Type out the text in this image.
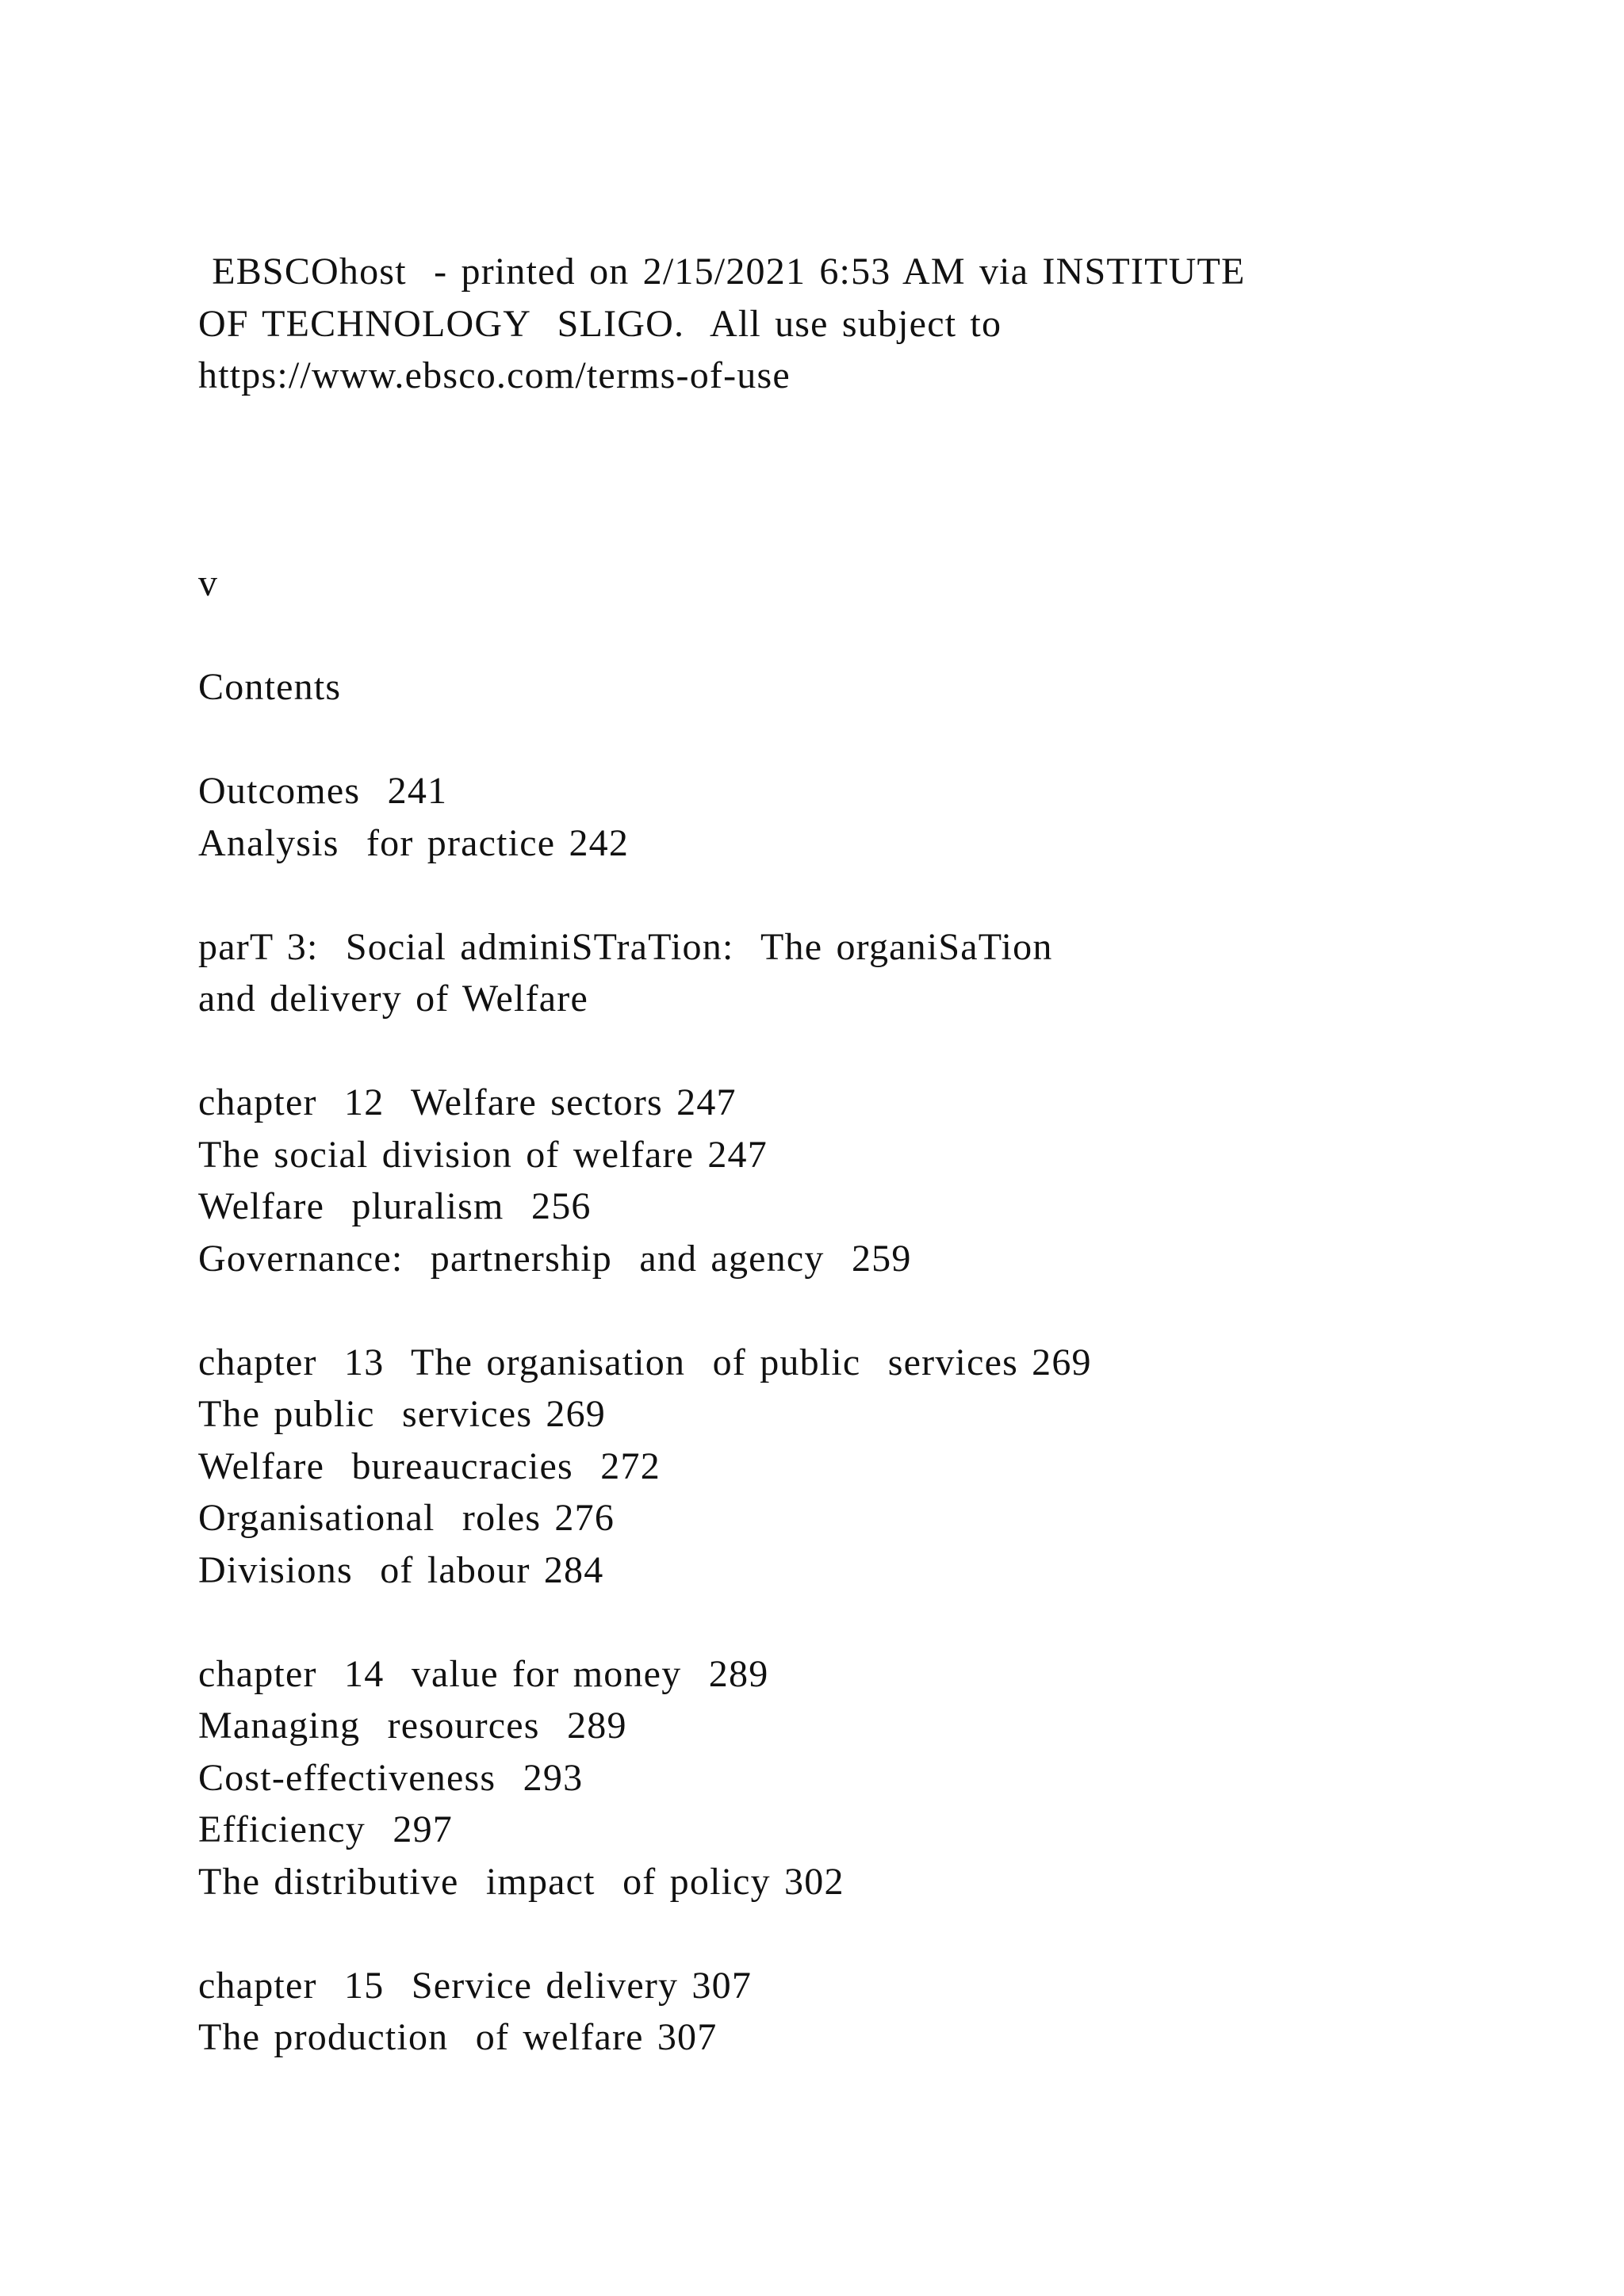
EBSCOhost  - printed on 2/15/2021 6:53 AM via INSTITUTE
OF TECHNOLOGY  SLIGO.  All use subject to
https://www.ebsco.com/terms-of-use
v
Contents
Outcomes  241
Analysis  for practice 242
parT 3:  Social adminiSTraTion:  The organiSaTion
and delivery of Welfare
chapter  12  Welfare sectors 247
The social division of welfare 247
Welfare  pluralism  256
Governance:  partnership  and agency  259
chapter  13  The organisation  of public  services 269
The public  services 269
Welfare  bureaucracies  272
Organisational  roles 276
Divisions  of labour 284
chapter  14  value for money  289
Managing  resources  289
Cost-effectiveness  293
Efficiency  297
The distributive  impact  of policy 302
chapter  15  Service delivery 307
The production  of welfare 307
